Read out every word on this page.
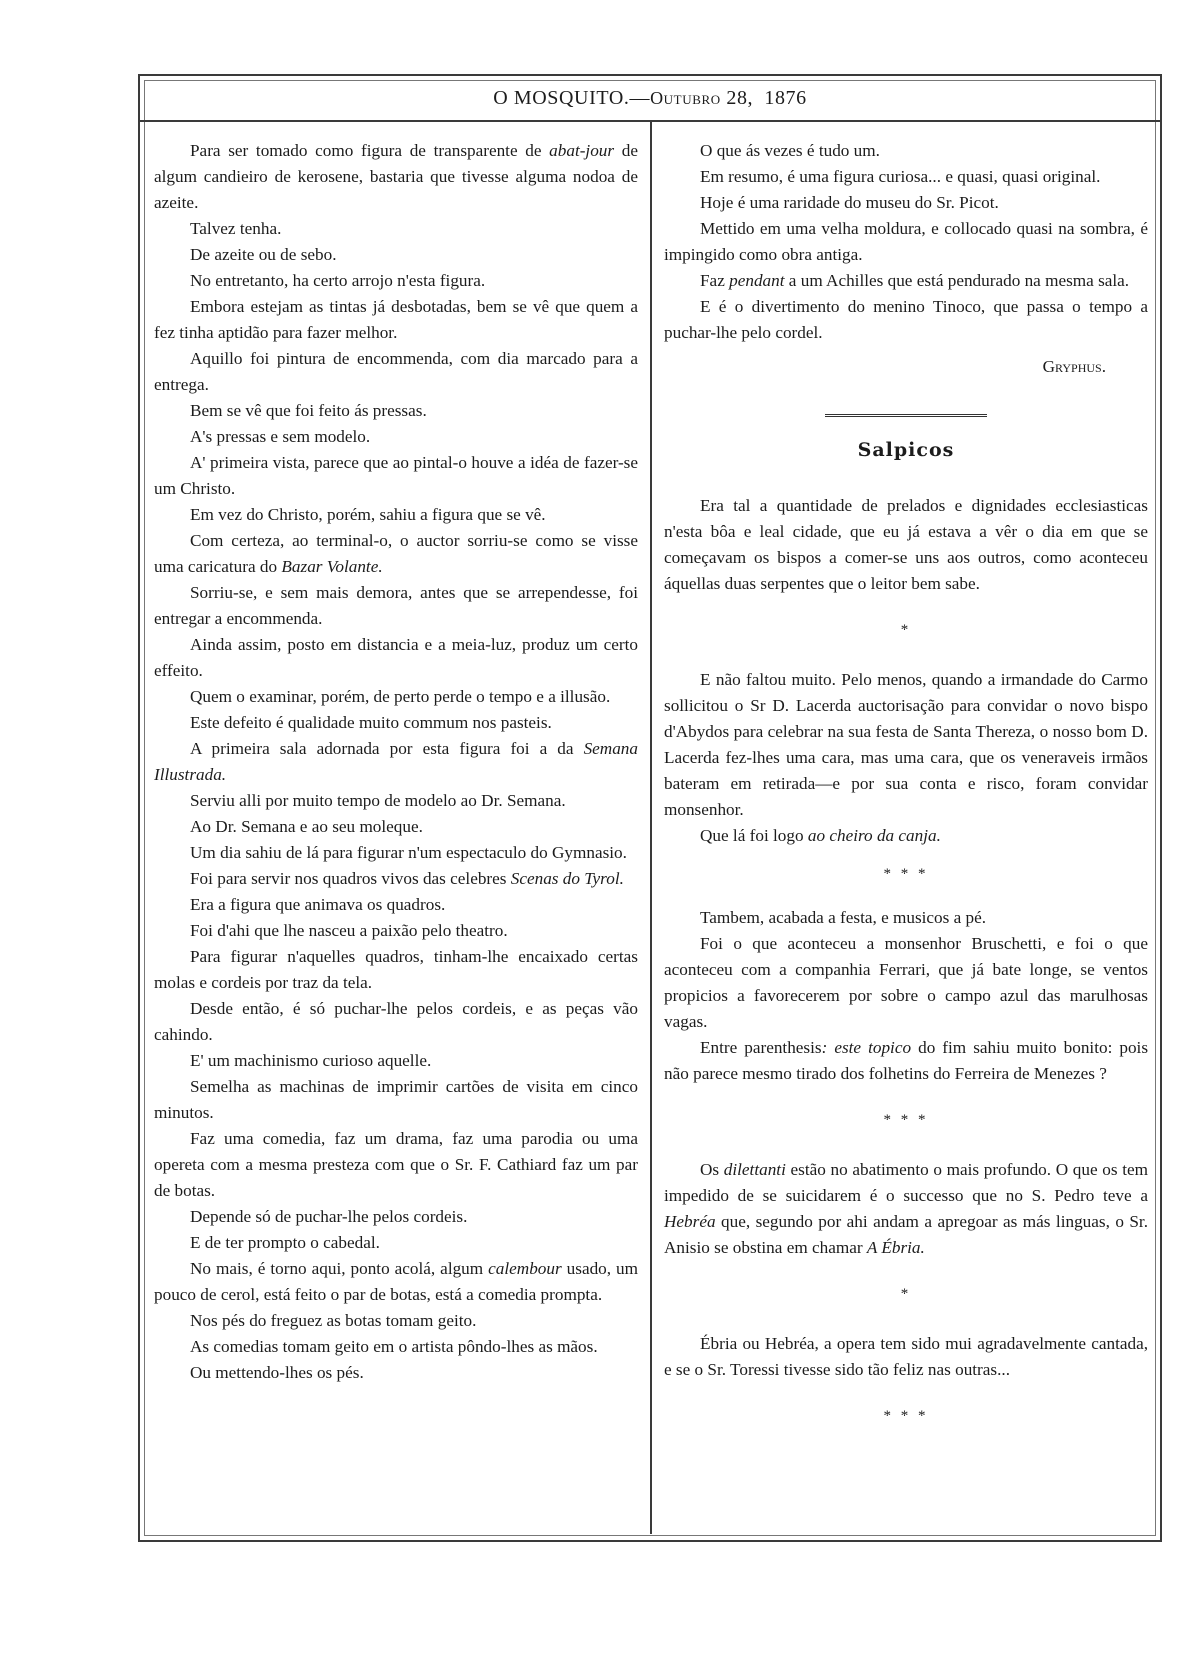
O MOSQUITO. — Outubro
28,
1876

Para ser tomado como figura de transparente de abat-jour de algum candieiro de kerosene, bastaria que tivesse alguma nodoa de azeite.

Talvez tenha.

De azeite ou de sebo.

No entretanto, ha certo arrojo n'esta figura.

Embora estejam as tintas já desbotadas, bem se vê que quem a fez tinha aptidão para fazer melhor.

Aquillo foi pintura de encommenda, com dia marcado para a entrega.

Bem se vê que foi feito ás pressas.

A's pressas e sem modelo.

A' primeira vista, parece que ao pintal-o houve a idéa de fazer-se um Christo.

Em vez do Christo, porém, sahiu a figura que se vê.

Com certeza, ao terminal-o, o auctor sorriu-se como se visse uma caricatura do Bazar Volante.

Sorriu-se, e sem mais demora, antes que se arrependesse, foi entregar a encommenda.

Ainda assim, posto em distancia e a meia-luz, produz um certo effeito.

Quem o examinar, porém, de perto perde o tempo e a illusão.

Este defeito é qualidade muito commum nos pasteis.

A primeira sala adornada por esta figura foi a da Semana Illustrada.

Serviu alli por muito tempo de modelo ao Dr. Semana.

Ao Dr. Semana e ao seu moleque.

Um dia sahiu de lá para figurar n'um espectaculo do Gymnasio.

Foi para servir nos quadros vivos das celebres Scenas do Tyrol.

Era a figura que animava os quadros.

Foi d'ahi que lhe nasceu a paixão pelo theatro.

Para figurar n'aquelles quadros, tinham-lhe encaixado certas molas e cordeis por traz da tela.

Desde então, é só puchar-lhe pelos cordeis, e as peças vão cahindo.

E' um machinismo curioso aquelle.

Semelha as machinas de imprimir cartões de visita em cinco minutos.

Faz uma comedia, faz um drama, faz uma parodia ou uma opereta com a mesma presteza com que o Sr. F. Cathiard faz um par de botas.

Depende só de puchar-lhe pelos cordeis.

E de ter prompto o cabedal.

No mais, é torno aqui, ponto acolá, algum calembour usado, um pouco de cerol, está feito o par de botas, está a comedia prompta.

Nos pés do freguez as botas tomam geito.

As comedias tomam geito em o artista pôndo-lhes as mãos.

Ou mettendo-lhes os pés.

O que ás vezes é tudo um.

Em resumo, é uma figura curiosa... e quasi, quasi original.

Hoje é uma raridade do museu do Sr. Picot.

Mettido em uma velha moldura, e collocado quasi na sombra, é impingido como obra antiga.

Faz pendant a um Achilles que está pendurado na mesma sala.

E é o divertimento do menino Tinoco, que passa o tempo a puchar-lhe pelo cordel.

Gryphus.

Salpicos

Era tal a quantidade de prelados e dignidades ecclesiasticas n'esta bôa e leal cidade, que eu já estava a vêr o dia em que se começavam os bispos a comer-se uns aos outros, como aconteceu áquellas duas serpentes que o leitor bem sabe.

*

E não faltou muito. Pelo menos, quando a irmandade do Carmo sollicitou o Sr D. Lacerda auctorisação para convidar o novo bispo d'Abydos para celebrar na sua festa de Santa Thereza, o nosso bom D. Lacerda fez-lhes uma cara, mas uma cara, que os veneraveis irmãos bateram em retirada—e por sua conta e risco, foram convidar monsenhor.

Que lá foi logo ao cheiro da canja.

* * *

Tambem, acabada a festa, e musicos a pé.

Foi o que aconteceu a monsenhor Bruschetti, e foi o que aconteceu com a companhia Ferrari, que já bate longe, se ventos propicios a favorecerem por sobre o campo azul das marulhosas vagas.

Entre parenthesis: este topico do fim sahiu muito bonito: pois não parece mesmo tirado dos folhetins do Ferreira de Menezes ?

* * *

Os dilettanti estão no abatimento o mais profundo. O que os tem impedido de se suicidarem é o successo que no S. Pedro teve a Hebréa que, segundo por ahi andam a apregoar as más linguas, o Sr. Anisio se obstina em chamar A Ébria.

*

Ébria ou Hebréa, a opera tem sido mui agradavelmente cantada, e se o Sr. Toressi tivesse sido tão feliz nas outras...

* * *
